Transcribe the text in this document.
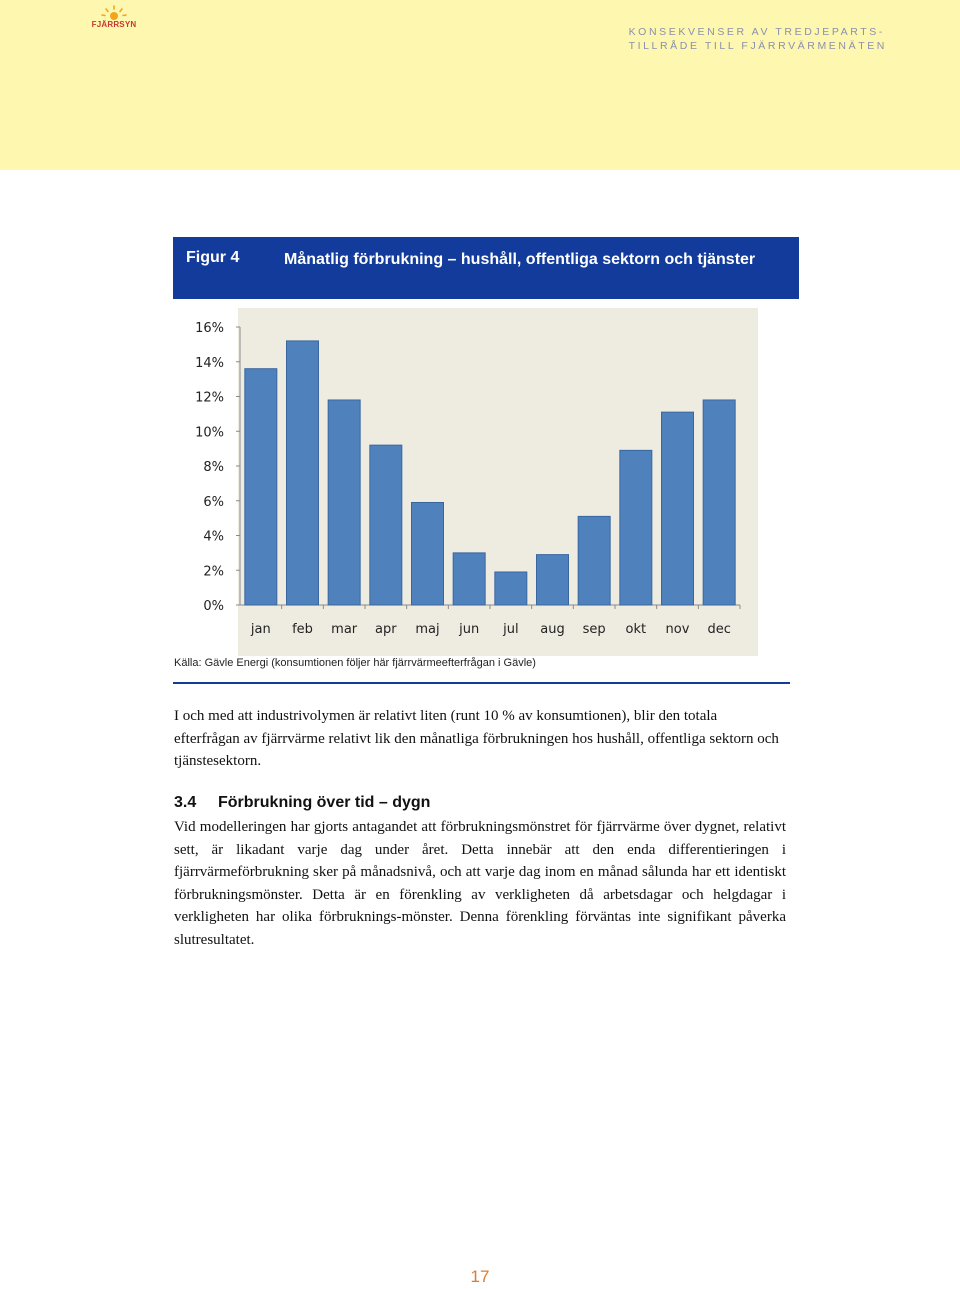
FJÄRRSYN
KONSEKVENSER AV TREDJEPARTS-
TILLRÅDE TILL FJÄRRVÄRMENÄTEN
Figur 4	Månatlig förbrukning – hushåll, offentliga sektorn och tjänster
0%
2%
4%
6%
8%
10%
12%
14%
16%
jan feb mar apr maj jun jul aug sep okt nov dec
Källa: Gävle Energi (konsumtionen följer här fjärrvärmeefterfrågan i Gävle)
I och med att industrivolymen är relativt liten (runt 10 % av konsumtionen), blir den totala efterfrågan av fjärrvärme relativt lik den månatliga förbrukningen hos hushåll, offentliga sektorn och tjänstesektorn.
3.4 Förbrukning över tid – dygn
Vid modelleringen har gjorts antagandet att förbrukningsmönstret för fjärrvärme över dygnet, relativt sett, är likadant varje dag under året. Detta innebär att den enda differentieringen i fjärrvärmeförbrukning sker på månadsnivå, och att varje dag inom en månad sålunda har ett identiskt förbrukningsmönster. Detta är en förenkling av verkligheten då arbetsdagar och helgdagar i verkligheten har olika förbruknings-mönster. Denna förenkling förväntas inte signifikant påverka slutresultatet.
17
